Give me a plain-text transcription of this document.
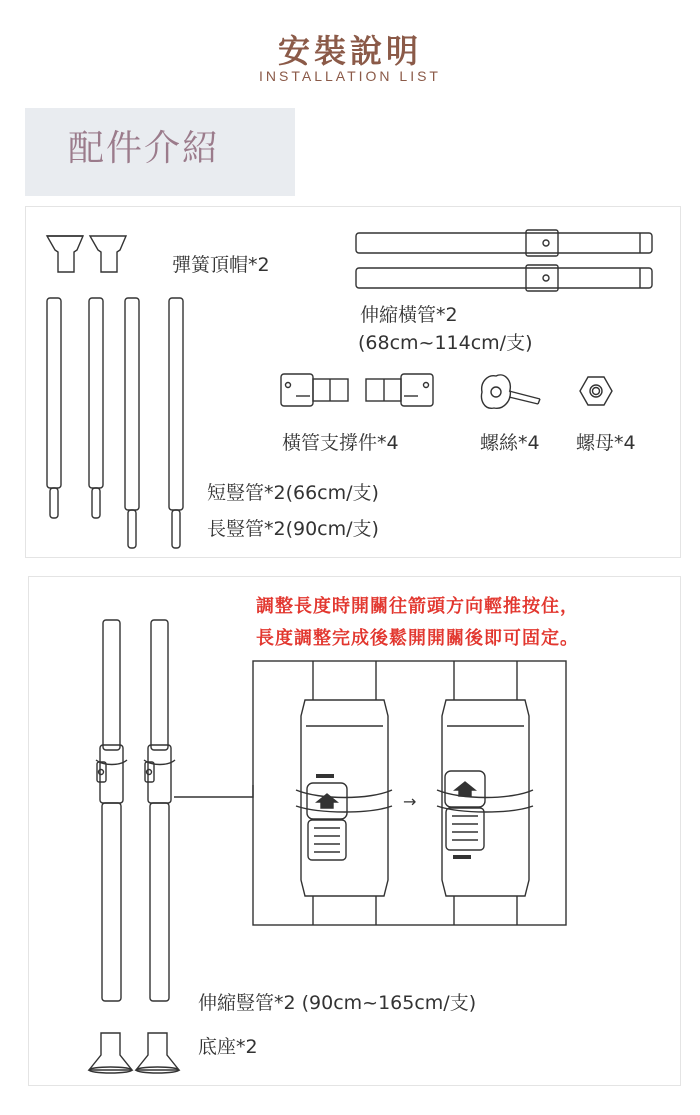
安裝說明
INSTALLATION LIST
配件介紹
彈簧頂帽*2
伸縮橫管*2
(68cm~114cm/支)
橫管支撐件*4	螺絲*4 螺母*4
短豎管*2(66cm/支)
長豎管*2(90cm/支)
調整長度時開關往箭頭方向輕推按住，
長度調整完成後鬆開開關後即可固定。
→
伸縮豎管*2 (90cm~165cm/支)
底座*2
